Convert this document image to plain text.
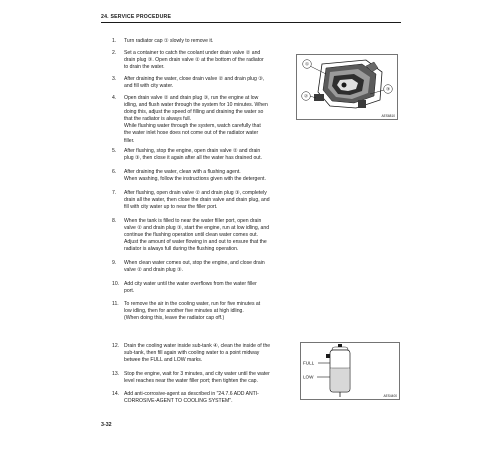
24. SERVICE PROCEDURE
1.	Turn radiator cap ① slowly to remove it.
2.	Set a container to catch the coolant under drain valve ② and
drain plug ③. Open drain valve ② at the bottom of the radiator
to drain the water.
3.	After draining the water, close drain valve ② and drain plug ③,
and fill with city water.
4.	Open drain valve ② and drain plug ③, run the engine at low
idling, and flush water through the system for 10 minutes. When
doing this, adjust the speed of filling and draining the water so
that the radiator is always full.
While flushing water through the system, watch carefully that
the water inlet hose does not come out of the radiator water
filler.
5.	After flushing, stop the engine, open drain valve ② and drain
plug ③, then close it again after all the water has drained out.
6.	After draining the water, clean with a flushing agent.
When washing, follow the instructions given with the detergent.
7.	After flushing, open drain valve ② and drain plug ③, completely
drain all the water, then close the drain valve and drain plug, and
fill with city water up to near the filler port.
8.	When the tank is filled to near the water filler port, open drain
valve ② and drain plug ③, start the engine, run at low idling, and
continue the flushing operation until clean water comes out.
Adjust the amount of water flowing in and out to ensure that the
radiator is always full during the flushing operation.
9.	When clean water comes out, stop the engine, and close drain
valve ② and drain plug ③.
10. Add city water until the water overflows from the water filler
port.
11.	To remove the air in the cooling water, run for five minutes at
low idling, then for another five minutes at high idling.
(When doing this, leave the radiator cap off.)
12. Drain the cooling water inside sub-tank ④, clean the inside of the
sub-tank, then fill again with cooling water to a point midway
betwee the FULL and LOW marks.
13. Stop the engine, wait for 3 minutes, and city water until the water
level reaches near the water filler port; then tighten the cap.
14. Add anti-corrosive-agent as described in "24.7.6 ADD ANTI-
CORROSIVE-AGENT TO COOLING SYSTEM".
①
②
③
AES6810
FULL
LOW
AES4400
3-32
